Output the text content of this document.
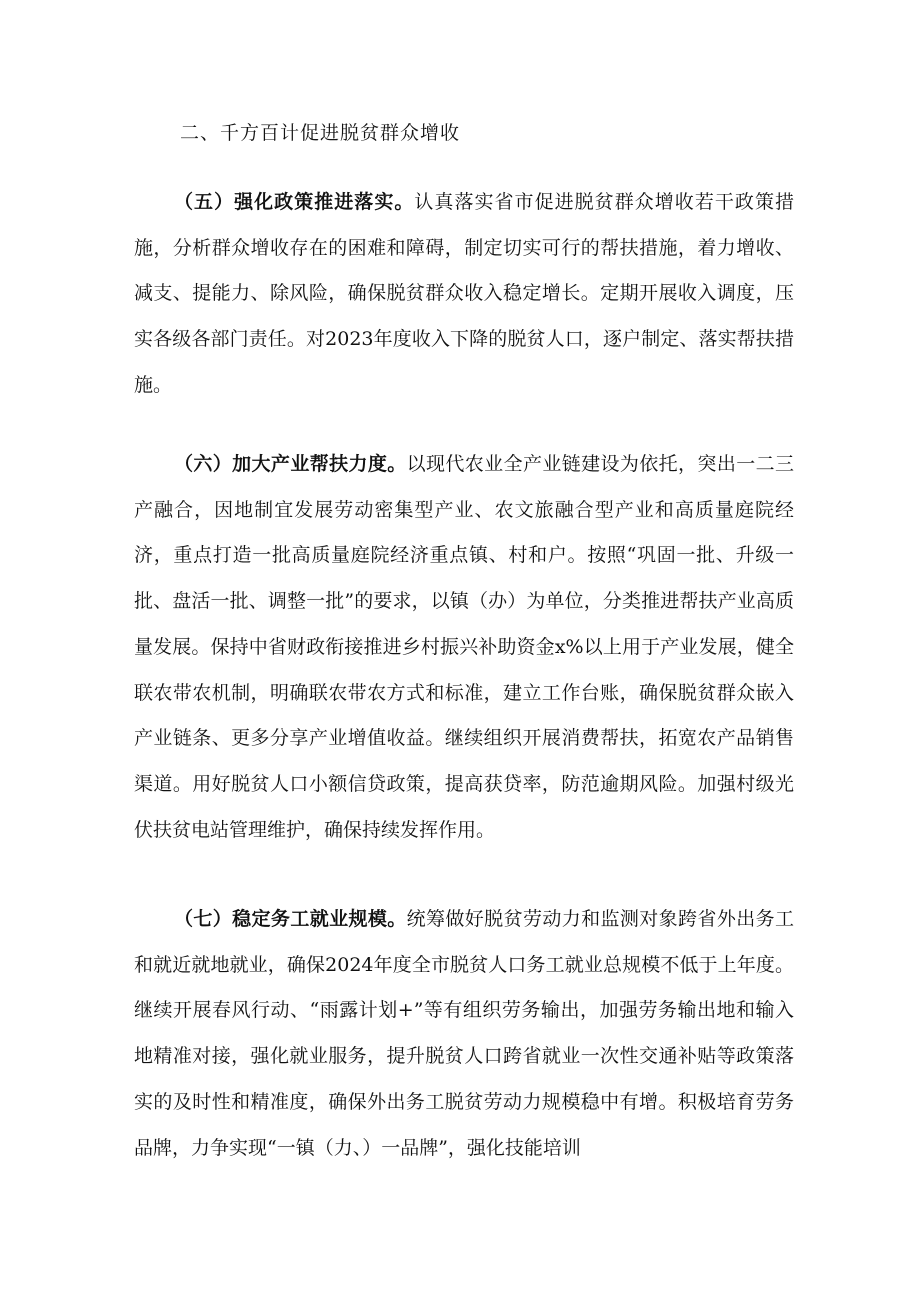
二、千方百计促进脱贫群众增收

（五）强化政策推进落实。认真落实省市促进脱贫群众增收若干政策措施，分析群众增收存在的困难和障碍，制定切实可行的帮扶措施，着力增收、减支、提能力、除风险，确保脱贫群众收入稳定增长。定期开展收入调度，压实各级各部门责任。对2023年度收入下降的脱贫人口，逐户制定、落实帮扶措施。

（六）加大产业帮扶力度。以现代农业全产业链建设为依托，突出一二三产融合，因地制宜发展劳动密集型产业、农文旅融合型产业和高质量庭院经济，重点打造一批高质量庭院经济重点镇、村和户。按照“巩固一批、升级一批、盘活一批、调整一批”的要求，以镇（办）为单位，分类推进帮扶产业高质量发展。保持中省财政衔接推进乡村振兴补助资金x%以上用于产业发展，健全联农带农机制，明确联农带农方式和标准，建立工作台账，确保脱贫群众嵌入产业链条、更多分享产业增值收益。继续组织开展消费帮扶，拓宽农产品销售渠道。用好脱贫人口小额信贷政策，提高获贷率，防范逾期风险。加强村级光伏扶贫电站管理维护，确保持续发挥作用。

（七）稳定务工就业规模。统筹做好脱贫劳动力和监测对象跨省外出务工和就近就地就业，确保2024年度全市脱贫人口务工就业总规模不低于上年度。继续开展春风行动、“雨露计划+”等有组织劳务输出，加强劳务输出地和输入地精准对接，强化就业服务，提升脱贫人口跨省就业一次性交通补贴等政策落实的及时性和精准度，确保外出务工脱贫劳动力规模稳中有增。积极培育劳务品牌，力争实现“一镇（力、）一品牌”，强化技能培训
